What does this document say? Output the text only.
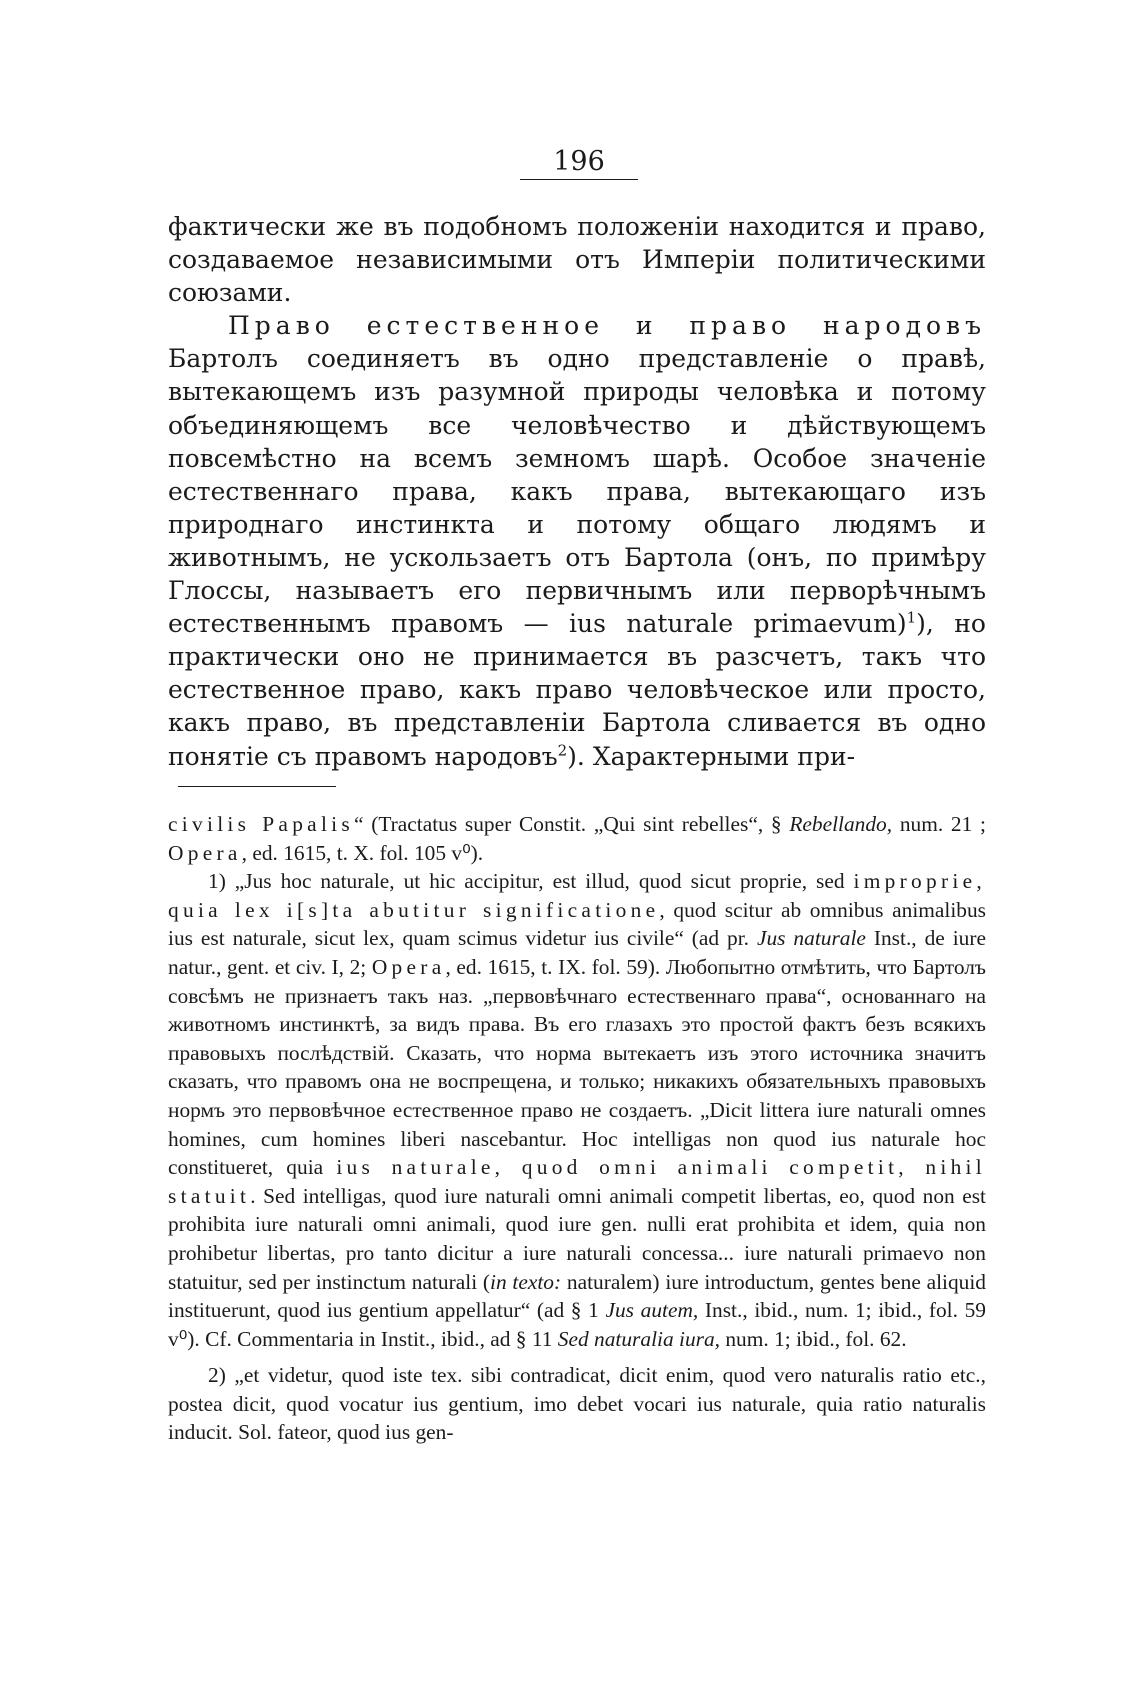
196

фактически же въ подобномъ положенiи находится и право, создаваемое независимыми отъ Имперiи политическими союзами.

Право естественное и право народовъ Бартолъ соединяетъ въ одно представленiе о правѣ, вытекающемъ изъ разумной природы человѣка и потому объединяющемъ все человѣчество и дѣйствующемъ повсемѣстно на всемъ земномъ шарѣ. Особое значенiе естественнаго права, какъ права, вытекающаго изъ природнаго инстинкта и потому общаго людямъ и животнымъ, не ускользаетъ отъ Бартола (онъ, по примѣру Глоссы, называетъ его первичнымъ или перворѣчнымъ естественнымъ правомъ — ius naturale primaevum)$^1$), но практически оно не принимается въ разсчетъ, такъ что естественное право, какъ право человѣческое или просто, какъ право, въ представленiи Бартола сливается въ одно понятiе съ правомъ народовъ$^2$). Характерными при-

civilis Papalis“ (Tractatus super Constit. „Qui sint rebelles“, § Rebellando, num. 21 ; Opera, ed. 1615, t. X. fol. 105 v⁰).

1) „Jus hoc naturale, ut hic accipitur, est illud, quod sicut proprie, sed improprie, quia lex i[s]ta abutitur significatione, quod scitur ab omnibus animalibus ius est naturale, sicut lex, quam scimus videtur ius civile“ (ad pr. Jus naturale Inst., de iure natur., gent. et civ. I, 2; Opera, ed. 1615, t. IX. fol. 59). Любопытно отмѣтить, что Бартолъ совсѣмъ не признаетъ такъ наз. „первовѣчнаго естественнаго права“, основаннаго на животномъ инстинктѣ, за видъ права. Въ его глазахъ это простой фактъ безъ всякихъ правовыхъ послѣдствiй. Сказать, что норма вытекаетъ изъ этого источника значитъ сказать, что правомъ она не воспрещена, и только; никакихъ обязательныхъ правовыхъ нормъ это первовѣчное естественное право не создаетъ. „Dicit littera iure naturali omnes homines, cum homines liberi nascebantur. Hoc intelligas non quod ius naturale hoc constitueret, quia ius naturale, quod omni animali competit, nihil statuit. Sed intelligas, quod iure naturali omni animali competit libertas, eo, quod non est prohibita iure naturali omni animali, quod iure gen. nulli erat prohibita et idem, quia non prohibetur libertas, pro tanto dicitur a iure naturali concessa... iure naturali primaevo non statuitur, sed per instinctum naturali (in texto: naturalem) iure introductum, gentes bene aliquid instituerunt, quod ius gentium appellatur“ (ad § 1 Jus autem, Inst., ibid., num. 1; ibid., fol. 59 v⁰). Cf. Commentaria in Instit., ibid., ad § 11 Sed naturalia iura, num. 1; ibid., fol. 62.

2) „et videtur, quod iste tex. sibi contradicat, dicit enim, quod vero naturalis ratio etc., postea dicit, quod vocatur ius gentium, imo debet vocari ius naturale, quia ratio naturalis inducit. Sol. fateor, quod ius gen-
